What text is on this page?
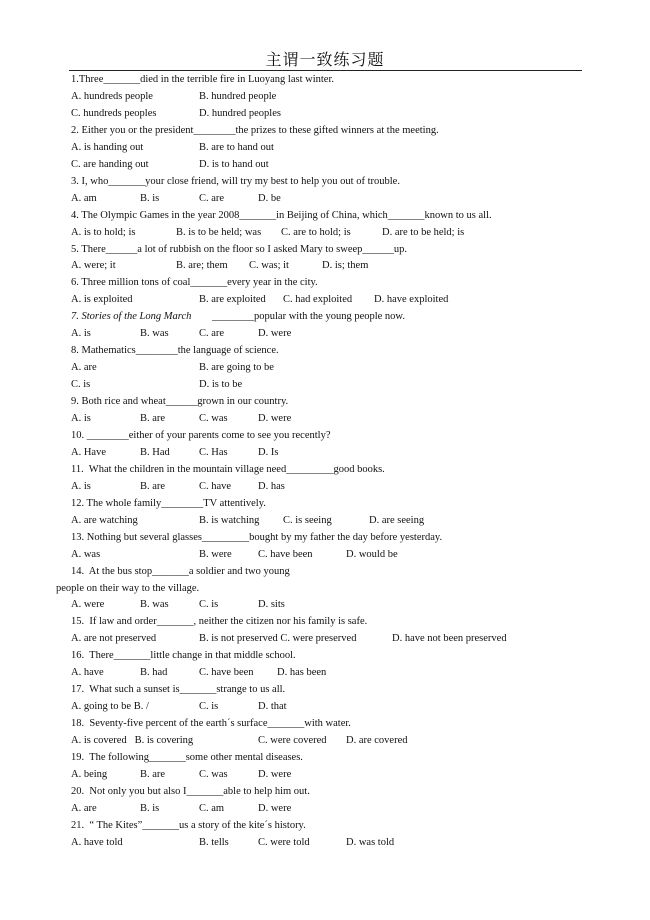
主谓一致练习题
1.Three_______died in the terrible fire in Luoyang last winter.
A. hundreds people	B. hundred people
C. hundreds peoples	D. hundred peoples
2. Either you or the president________the prizes to these gifted winners at the meeting.
A. is handing out	B. are to hand out
C. are handing out	D. is to hand out
3. I, who_______your close friend, will try my best to help you out of trouble.
A. am	B. is	C. are	D. be
4. The Olympic Games in the year 2008_______in Beijing of China, which_______known to us all.
A. is to hold; is	B. is to be held; was C. are to hold; is	D. are to be held; is
5. There______a lot of rubbish on the floor so I asked Mary to sweep______up.
A. were; it	B. are; them C. was; it	D. is; them
6. Three million tons of coal_______every year in the city.
A. is exploited	B. are exploited C. had exploited D. have exploited
7. Stories of the Long March ________popular with the young people now.
A. is	B. was	C. are	D. were
8. Mathematics________the language of science.
A. are	B. are going to be
C. is	D. is to be
9. Both rice and wheat______grown in our country.
A. is	B. are	C. was	D. were
10. ________either of your parents come to see you recently?
A. Have	B. Had	C. Has	D. Is
11.  What the children in the mountain village need_________good books.
A. is	B. are	C. have	D. has
12. The whole family________TV attentively.
A. are watching	B. is watching C. is seeing	D. are seeing
13. Nothing but several glasses_________bought by my father the day before yesterday.
A. was	B. were	C. have been	D. would be
14.  At the bus stop_______a soldier and two young
people on their way to the village.
A. were	B. was	C. is	D. sits
15.  If law and order_______, neither the citizen nor his family is safe.
A. are not preserved	B. is not preserved C. were preserved	D. have not been preserved
16.  There_______little change in that middle school.
A. have	B. had	C. have been D. has been
17.  What such a sunset is_______strange to us all.
A. going to be B. /	C. is	D. that
18.  Seventy-five percent of the earth´s surface_______with water.
A. is covered   B. is covering	C. were covered D. are covered
19.  The following_______some other mental diseases.
A. being	B. are	C. was	D. were
20.  Not only you but also I_______able to help him out.
A. are	B. is	C. am	D. were
21.  “ The Kites”_______us a story of the kite´s history.
A. have told	B. tells	C. were told	D. was told
